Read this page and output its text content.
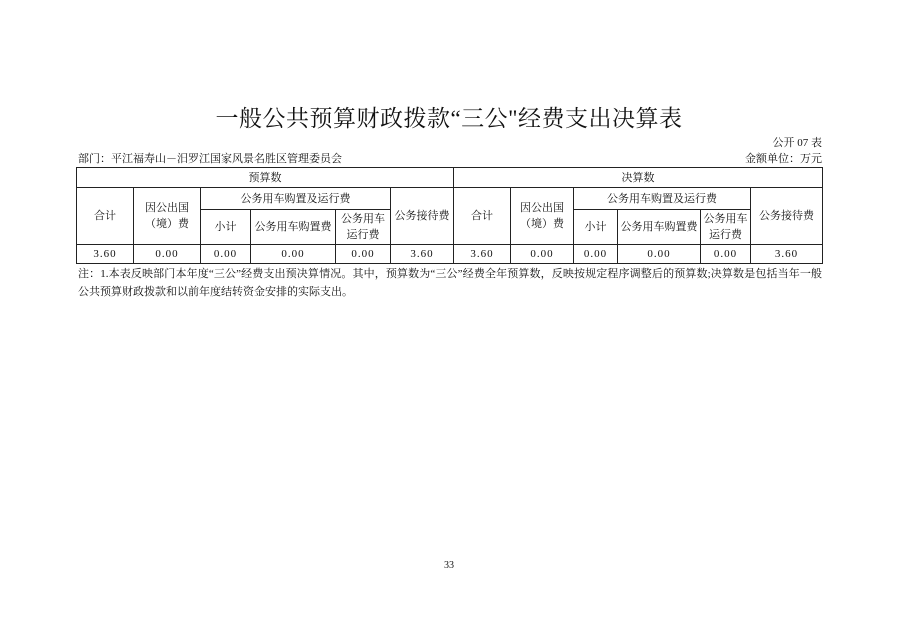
一般公共预算财政拨款“三公"经费支出决算表
公开 07 表
部门：平江福寿山－汨罗江国家风景名胜区管理委员会	金额单位：万元
预算数						决算数					
合计	因公出国（境）费	公务用车购置及运行费			公务接待费	合计	因公出国（境）费	公务用车购置及运行费			公务接待费
		小计	公务用车购置费	公务用车运行费				小计	公务用车购置费	公务用车运行费	
3.60	0.00	0.00	0.00	0.00	3.60	3.60	0.00	0.00	0.00	0.00	3.60
注：1.本表反映部门本年度“三公”经费支出预决算情况。其中，预算数为“三公”经费全年预算数，反映按规定程序调整后的预算数;决算数是包括当年一般公共预算财政拨款和以前年度结转资金安排的实际支出。
33
